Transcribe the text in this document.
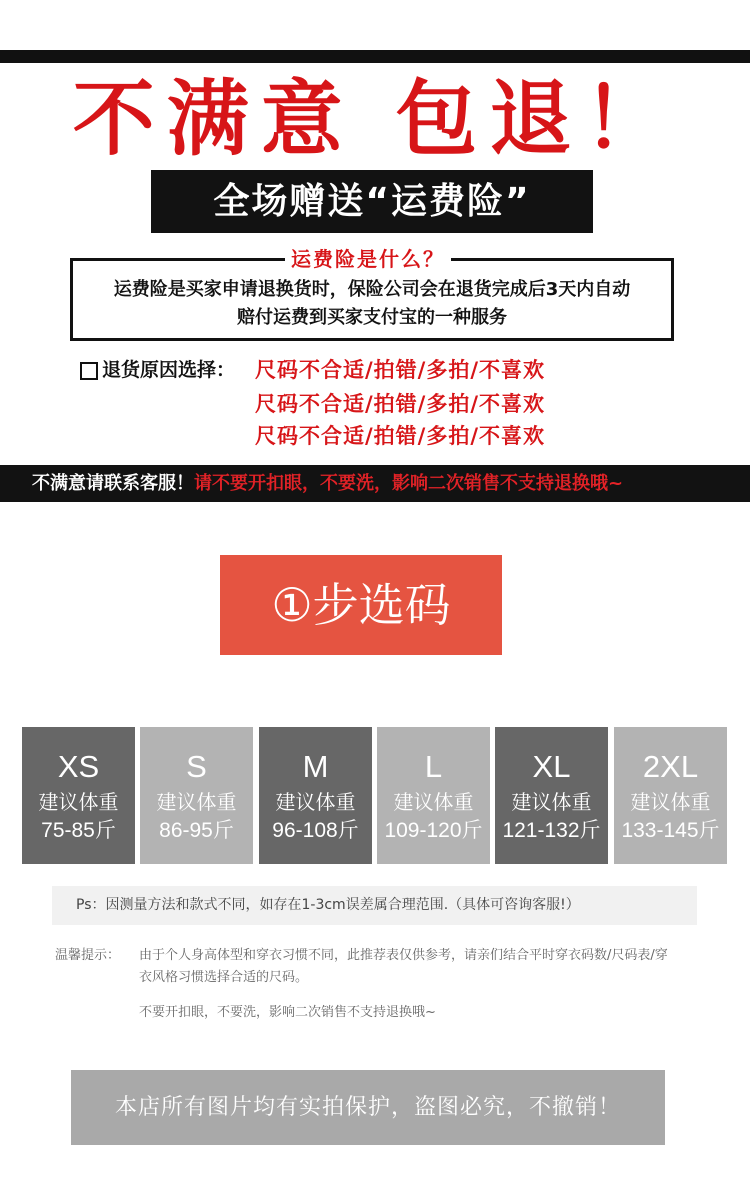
不满意 包退！
全场赠送“运费险”
运费险是什么？
运费险是买家申请退换货时，保险公司会在退货完成后3天内自动
赔付运费到买家支付宝的一种服务
退货原因选择： 尺码不合适/拍错/多拍/不喜欢
尺码不合适/拍错/多拍/不喜欢
尺码不合适/拍错/多拍/不喜欢
不满意请联系客服！请不要开扣眼，不要洗，影响二次销售不支持退换哦~
①步选码
XS
建议体重
75-85斤
S
建议体重
86-95斤
M
建议体重
96-108斤
L
建议体重
109-120斤
XL
建议体重
121-132斤
2XL
建议体重
133-145斤
Ps：因测量方法和款式不同，如存在1-3cm误差属合理范围.（具体可咨询客服!）
温馨提示： 由于个人身高体型和穿衣习惯不同，此推荐表仅供参考，请亲们结合平时穿衣码数/尺码表/穿衣风格习惯选择合适的尺码。
不要开扣眼，不要洗，影响二次销售不支持退换哦~
本店所有图片均有实拍保护，盗图必究，不撤销！
